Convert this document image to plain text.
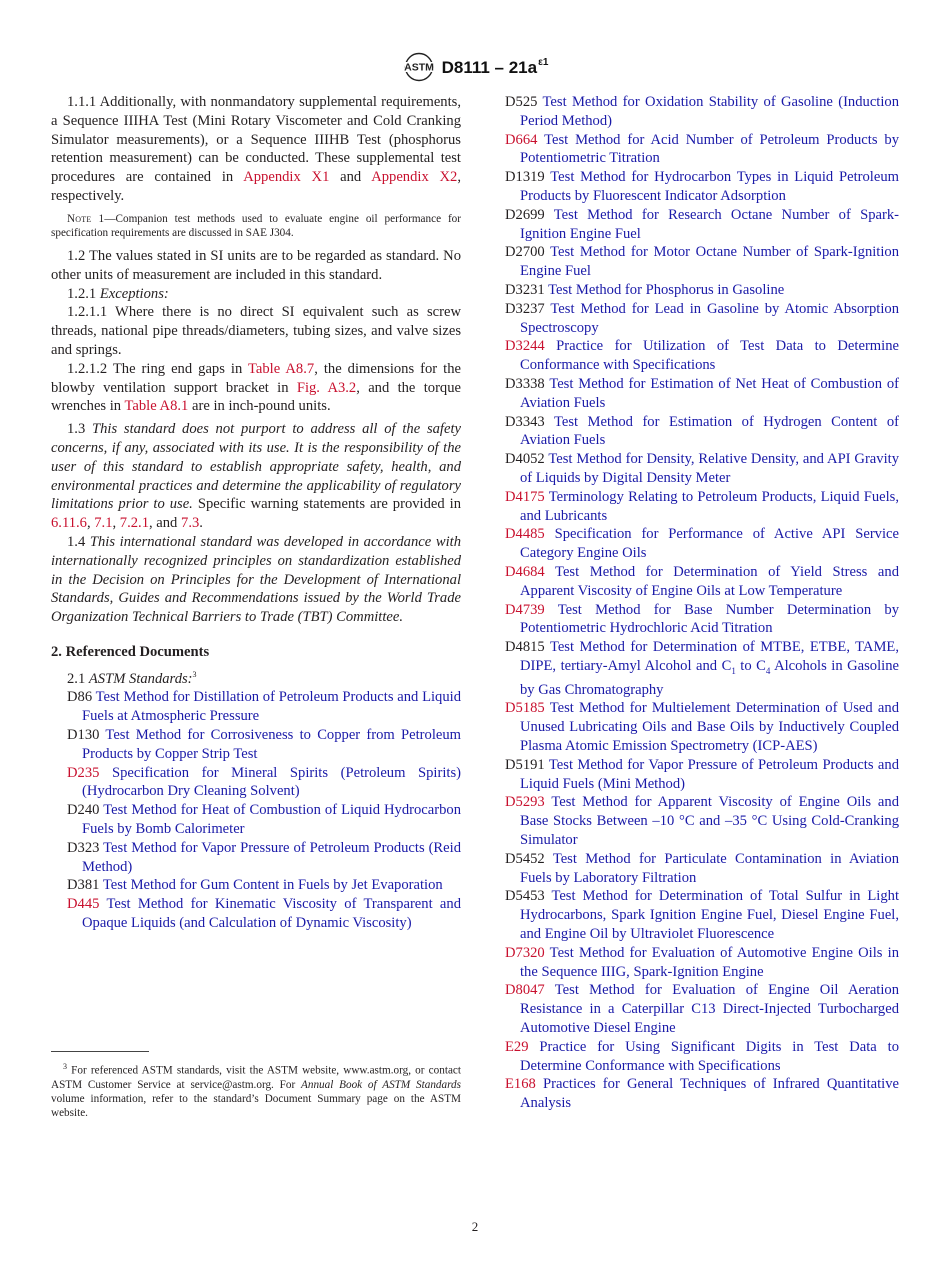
ASTM $D8111 - 21a^{\varepsilon 1}$

1.1.1 Additionally, with nonmandatory supplemental requirements, a Sequence IIIHA Test (Mini Rotary Viscometer and Cold Cranking Simulator measurements), or a Sequence IIIHB Test (phosphorus retention measurement) can be conducted. These supplemental test procedures are contained in Appendix X1 and Appendix X2, respectively.

Note 1—Companion test methods used to evaluate engine oil performance for specification requirements are discussed in SAE J304.

1.2 The values stated in SI units are to be regarded as standard. No other units of measurement are included in this standard.

1.2.1 Exceptions:

1.2.1.1 Where there is no direct SI equivalent such as screw threads, national pipe threads/diameters, tubing sizes, and valve sizes and springs.

1.2.1.2 The ring end gaps in Table A8.7, the dimensions for the blowby ventilation support bracket in Fig. A3.2, and the torque wrenches in Table A8.1 are in inch-pound units.

1.3 This standard does not purport to address all of the safety concerns, if any, associated with its use. It is the responsibility of the user of this standard to establish appropriate safety, health, and environmental practices and determine the applicability of regulatory limitations prior to use. Specific warning statements are provided in 6.11.6, 7.1, 7.2.1, and 7.3.

1.4 This international standard was developed in accordance with internationally recognized principles on standardization established in the Decision on Principles for the Development of International Standards, Guides and Recommendations issued by the World Trade Organization Technical Barriers to Trade (TBT) Committee.

2. Referenced Documents

2.1 ASTM Standards:$^3$

D86 Test Method for Distillation of Petroleum Products and Liquid Fuels at Atmospheric Pressure

D130 Test Method for Corrosiveness to Copper from Petroleum Products by Copper Strip Test

D235 Specification for Mineral Spirits (Petroleum Spirits) (Hydrocarbon Dry Cleaning Solvent)

D240 Test Method for Heat of Combustion of Liquid Hydrocarbon Fuels by Bomb Calorimeter

D323 Test Method for Vapor Pressure of Petroleum Products (Reid Method)

D381 Test Method for Gum Content in Fuels by Jet Evaporation

D445 Test Method for Kinematic Viscosity of Transparent and Opaque Liquids (and Calculation of Dynamic Viscosity)

$^3$ For referenced ASTM standards, visit the ASTM website, www.astm.org, or contact ASTM Customer Service at service@astm.org. For Annual Book of ASTM Standards volume information, refer to the standard’s Document Summary page on the ASTM website.

D525 Test Method for Oxidation Stability of Gasoline (Induction Period Method)

D664 Test Method for Acid Number of Petroleum Products by Potentiometric Titration

D1319 Test Method for Hydrocarbon Types in Liquid Petroleum Products by Fluorescent Indicator Adsorption

D2699 Test Method for Research Octane Number of Spark-Ignition Engine Fuel

D2700 Test Method for Motor Octane Number of Spark-Ignition Engine Fuel

D3231 Test Method for Phosphorus in Gasoline

D3237 Test Method for Lead in Gasoline by Atomic Absorption Spectroscopy

D3244 Practice for Utilization of Test Data to Determine Conformance with Specifications

D3338 Test Method for Estimation of Net Heat of Combustion of Aviation Fuels

D3343 Test Method for Estimation of Hydrogen Content of Aviation Fuels

D4052 Test Method for Density, Relative Density, and API Gravity of Liquids by Digital Density Meter

D4175 Terminology Relating to Petroleum Products, Liquid Fuels, and Lubricants

D4485 Specification for Performance of Active API Service Category Engine Oils

D4684 Test Method for Determination of Yield Stress and Apparent Viscosity of Engine Oils at Low Temperature

D4739 Test Method for Base Number Determination by Potentiometric Hydrochloric Acid Titration

D4815 Test Method for Determination of MTBE, ETBE, TAME, DIPE, tertiary-Amyl Alcohol and $C_1$ to $C_4$ Alcohols in Gasoline by Gas Chromatography

D5185 Test Method for Multielement Determination of Used and Unused Lubricating Oils and Base Oils by Inductively Coupled Plasma Atomic Emission Spectrometry (ICP-AES)

D5191 Test Method for Vapor Pressure of Petroleum Products and Liquid Fuels (Mini Method)

D5293 Test Method for Apparent Viscosity of Engine Oils and Base Stocks Between –10 °C and –35 °C Using Cold-Cranking Simulator

D5452 Test Method for Particulate Contamination in Aviation Fuels by Laboratory Filtration

D5453 Test Method for Determination of Total Sulfur in Light Hydrocarbons, Spark Ignition Engine Fuel, Diesel Engine Fuel, and Engine Oil by Ultraviolet Fluorescence

D7320 Test Method for Evaluation of Automotive Engine Oils in the Sequence IIIG, Spark-Ignition Engine

D8047 Test Method for Evaluation of Engine Oil Aeration Resistance in a Caterpillar C13 Direct-Injected Turbocharged Automotive Diesel Engine

E29 Practice for Using Significant Digits in Test Data to Determine Conformance with Specifications

E168 Practices for General Techniques of Infrared Quantitative Analysis

2
